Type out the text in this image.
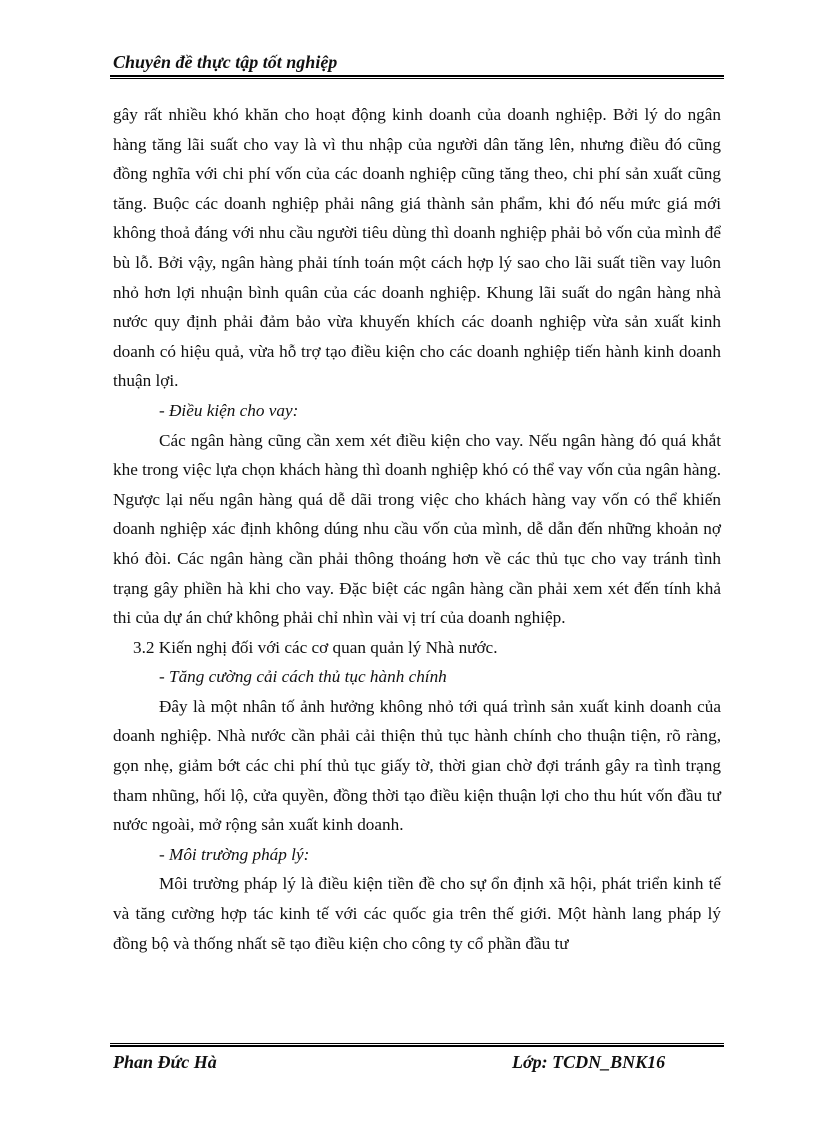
Chuyên đề thực tập tốt nghiệp

gây rất nhiều khó khăn cho hoạt động kinh doanh của doanh nghiệp. Bởi lý do ngân hàng tăng lãi suất cho vay là vì thu nhập của người dân tăng lên, nhưng điều đó cũng đồng nghĩa với chi phí vốn của các doanh nghiệp cũng tăng theo, chi phí sản xuất cũng tăng. Buộc các doanh nghiệp phải nâng giá thành sản phẩm, khi đó nếu mức giá mới không thoả đáng với nhu cầu người tiêu dùng thì doanh nghiệp phải bỏ vốn của mình để bù lỗ. Bởi vậy, ngân hàng phải tính toán một cách hợp lý sao cho lãi suất tiền vay luôn nhỏ hơn lợi nhuận bình quân của các doanh nghiệp. Khung lãi suất do ngân hàng nhà nước quy định phải đảm bảo vừa khuyến khích các doanh nghiệp vừa sản xuất kinh doanh có hiệu quả, vừa hỗ trợ tạo điều kiện cho các doanh nghiệp tiến hành kinh doanh thuận lợi.

- Điều kiện cho vay:

Các ngân hàng cũng cần xem xét điều kiện cho vay. Nếu ngân hàng đó quá khắt khe trong việc lựa chọn khách hàng thì doanh nghiệp khó có thể vay vốn của ngân hàng. Ngược lại nếu ngân hàng quá dễ dãi trong việc cho khách hàng vay vốn có thể khiến doanh nghiệp xác định không dúng nhu cầu vốn của mình, dễ dẫn đến những khoản nợ khó đòi. Các ngân hàng cần phải thông thoáng hơn về các thủ tục cho vay tránh tình trạng gây phiền hà khi cho vay. Đặc biệt các ngân hàng cần phải xem xét đến tính khả thi của dự án chứ không phải chỉ nhìn vài vị trí của doanh nghiệp.

3.2 Kiến nghị đối với các cơ quan quản lý Nhà nước.

- Tăng cường cải cách thủ tục hành chính

Đây là một nhân tố ảnh hưởng không nhỏ tới quá trình sản xuất kinh doanh của doanh nghiệp. Nhà nước cần phải cải thiện thủ tục hành chính cho thuận tiện, rõ ràng, gọn nhẹ, giảm bớt các chi phí thủ tục giấy tờ, thời gian chờ đợi tránh gây ra tình trạng tham nhũng, hối lộ, cửa quyền, đồng thời tạo điều kiện thuận lợi cho thu hút vốn đầu tư nước ngoài, mở rộng sản xuất kinh doanh.

- Môi trường pháp lý:

Môi trường pháp lý là điều kiện tiền đề cho sự ổn định xã hội, phát triển kinh tế và tăng cường hợp tác kinh tế với các quốc gia trên thế giới. Một hành lang pháp lý đồng bộ và thống nhất sẽ tạo điều kiện cho công ty cổ phần đầu tư

Phan Đức Hà	Lớp: TCDN_BNK16
